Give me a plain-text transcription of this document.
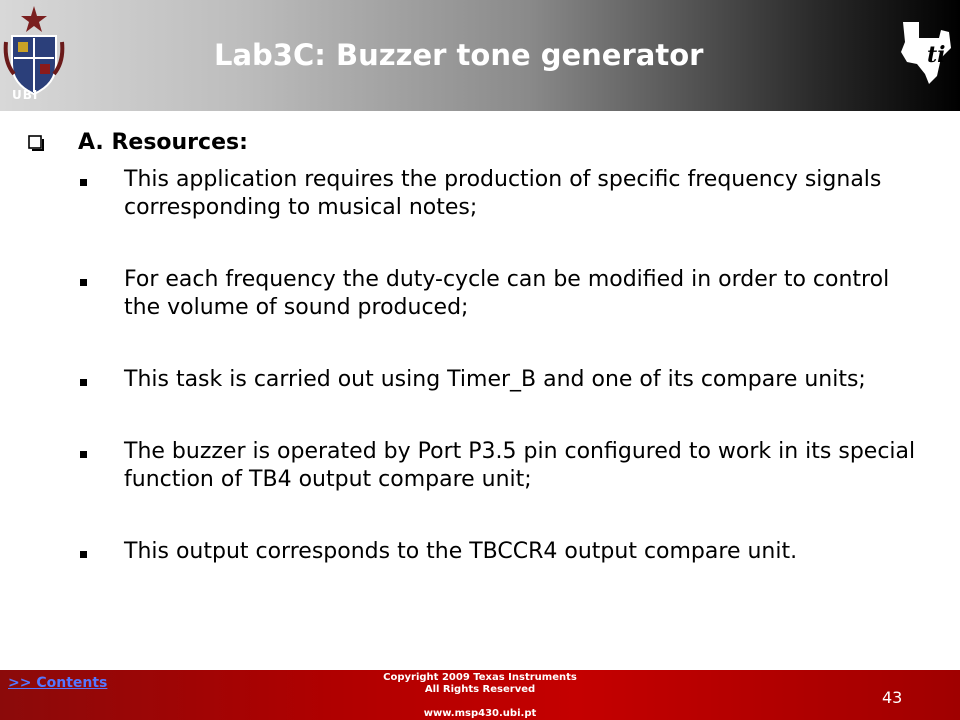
UBI
Lab3C: Buzzer tone generator	ti
A. Resources:
This application requires the production of specific frequency signals corresponding to musical notes;
For each frequency the duty-cycle can be modified in order to control the volume of sound produced;
This task is carried out using Timer_B and one of its compare units;
The buzzer is operated by Port P3.5 pin configured to work in its special function of TB4 output compare unit;
This output corresponds to the TBCCR4 output compare unit.
>> Contents	Copyright 2009 Texas Instruments
All Rights Reserved
www.msp430.ubi.pt
43
